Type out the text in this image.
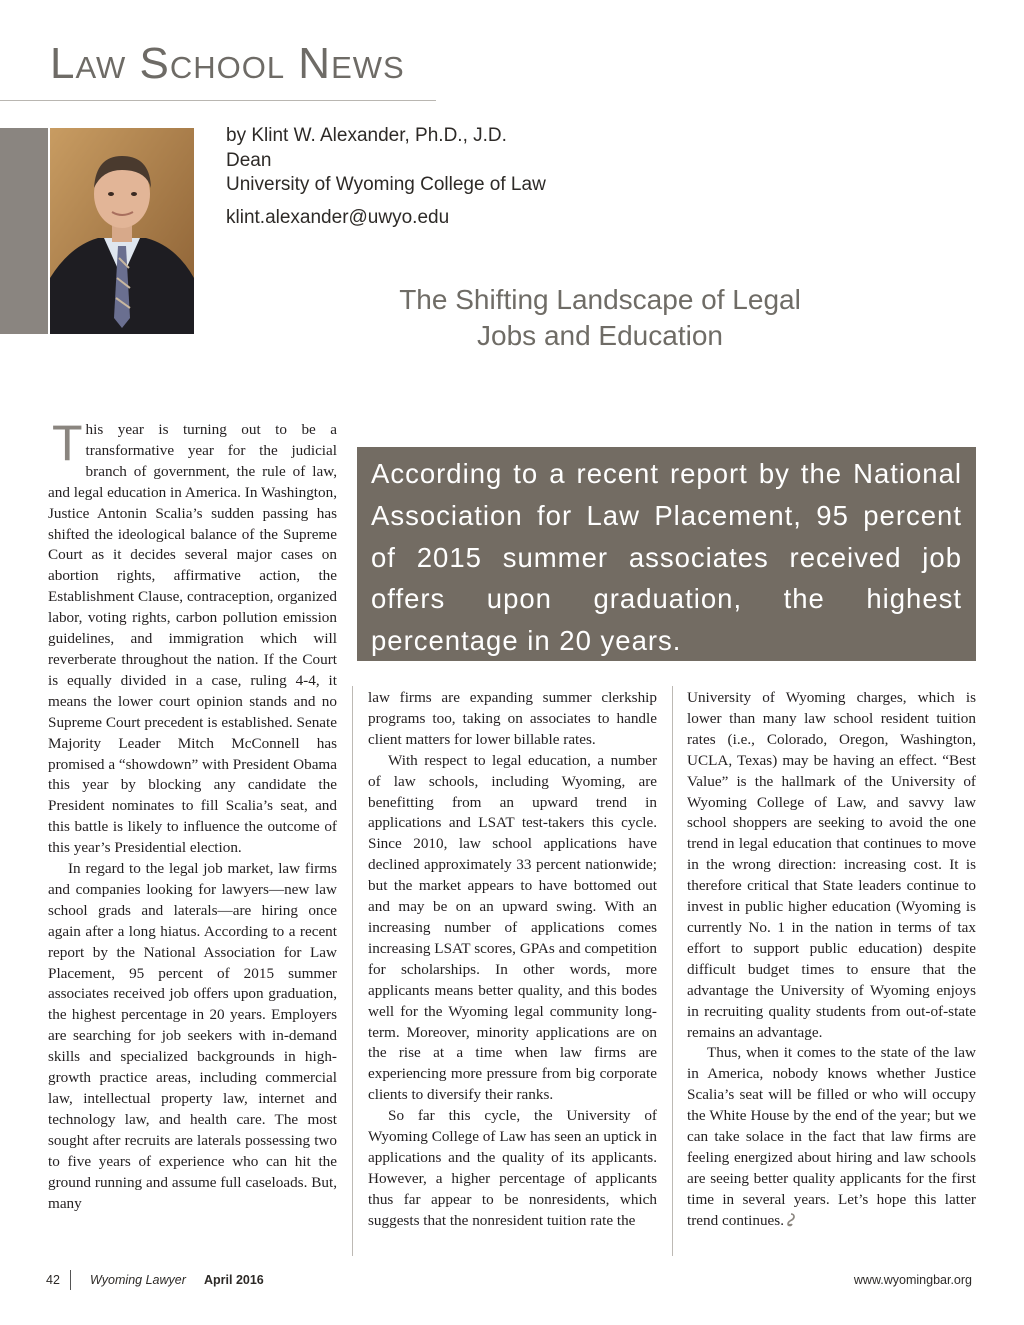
Law School News
by Klint W. Alexander, Ph.D., J.D.
Dean
University of Wyoming College of Law
klint.alexander@uwyo.edu
The Shifting Landscape of Legal Jobs and Education
According to a recent report by the National Association for Law Placement, 95 percent of 2015 summer associates received job offers upon graduation, the highest percentage in 20 years.

This year is turning out to be a transformative year for the judicial branch of government, the rule of law, and legal education in America. In Washington, Justice Antonin Scalia’s sudden passing has shifted the ideological balance of the Supreme Court as it decides several major cases on abortion rights, affirmative action, the Establishment Clause, contraception, organized labor, voting rights, carbon pollution emission guidelines, and immigration which will reverberate throughout the nation. If the Court is equally divided in a case, ruling 4-4, it means the lower court opinion stands and no Supreme Court precedent is established. Senate Majority Leader Mitch McConnell has promised a “showdown” with President Obama this year by blocking any candidate the President nominates to fill Scalia’s seat, and this battle is likely to influence the outcome of this year’s Presidential election.

In regard to the legal job market, law firms and companies looking for lawyers—new law school grads and laterals—are hiring once again after a long hiatus. According to a recent report by the National Association for Law Placement, 95 percent of 2015 summer associates received job offers upon graduation, the highest percentage in 20 years. Employers are searching for job seekers with in-demand skills and specialized backgrounds in high-growth practice areas, including commercial law, intellectual property law, internet and technology law, and health care. The most sought after recruits are laterals possessing two to five years of experience who can hit the ground running and assume full caseloads. But, many

law firms are expanding summer clerkship programs too, taking on associates to handle client matters for lower billable rates.

With respect to legal education, a number of law schools, including Wyoming, are benefitting from an upward trend in applications and LSAT test-takers this cycle. Since 2010, law school applications have declined approximately 33 percent nationwide; but the market appears to have bottomed out and may be on an upward swing. With an increasing number of applications comes increasing LSAT scores, GPAs and competition for scholarships. In other words, more applicants means better quality, and this bodes well for the Wyoming legal community long-term. Moreover, minority applications are on the rise at a time when law firms are experiencing more pressure from big corporate clients to diversify their ranks.

So far this cycle, the University of Wyoming College of Law has seen an uptick in applications and the quality of its applicants. However, a higher percentage of applicants thus far appear to be nonresidents, which suggests that the nonresident tuition rate the

University of Wyoming charges, which is lower than many law school resident tuition rates (i.e., Colorado, Oregon, Washington, UCLA, Texas) may be having an effect. “Best Value” is the hallmark of the University of Wyoming College of Law, and savvy law school shoppers are seeking to avoid the one trend in legal education that continues to move in the wrong direction: increasing cost. It is therefore critical that State leaders continue to invest in public higher education (Wyoming is currently No. 1 in the nation in terms of tax effort to support public education) despite difficult budget times to ensure that the advantage the University of Wyoming enjoys in recruiting quality students from out-of-state remains an advantage.

Thus, when it comes to the state of the law in America, nobody knows whether Justice Scalia’s seat will be filled or who will occupy the White House by the end of the year; but we can take solace in the fact that law firms are feeling energized about hiring and law schools are seeing better quality applicants for the first time in several years. Let’s hope this latter trend continues.

42 Wyoming Lawyer April 2016	www.wyomingbar.org
